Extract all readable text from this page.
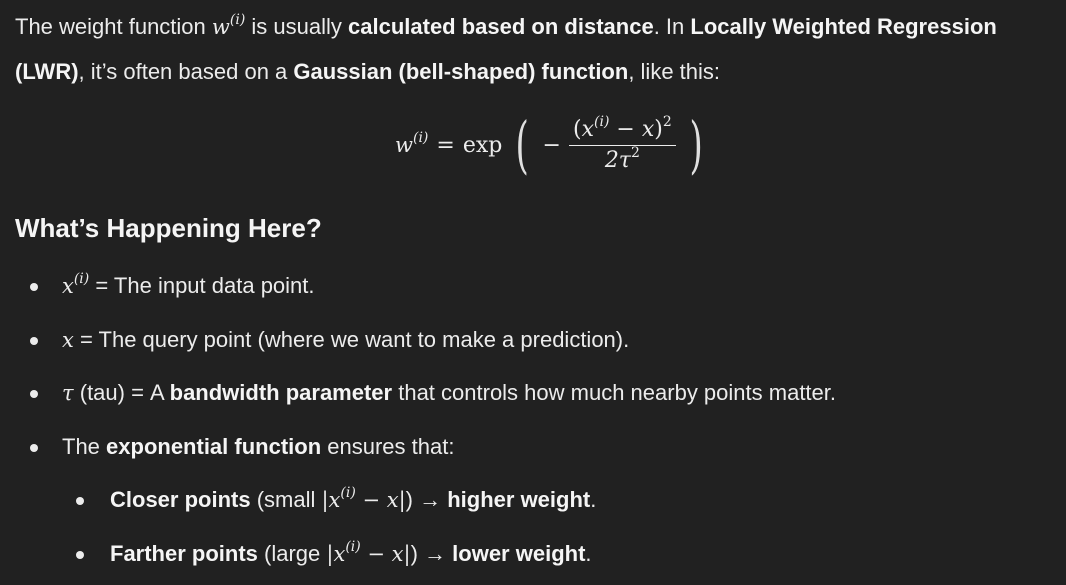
The weight function $w^{(i)}$ is usually calculated based on distance. In Locally Weighted Regression (LWR), it’s often based on a Gaussian (bell-shaped) function, like this:
$w^{(i)} = \exp$ ( − $\frac{(x^{(i)} - x)^2}{2\tau^2}$ )
What’s Happening Here?
$x^{(i)}$ = The input data point.
x = The query point (where we want to make a prediction).
τ (tau) = A bandwidth parameter that controls how much nearby points matter.
The exponential function ensures that:
Closer points (small $|x^{(i)} - x|$) → higher weight.
Farther points (large $|x^{(i)} - x|$) → lower weight.
